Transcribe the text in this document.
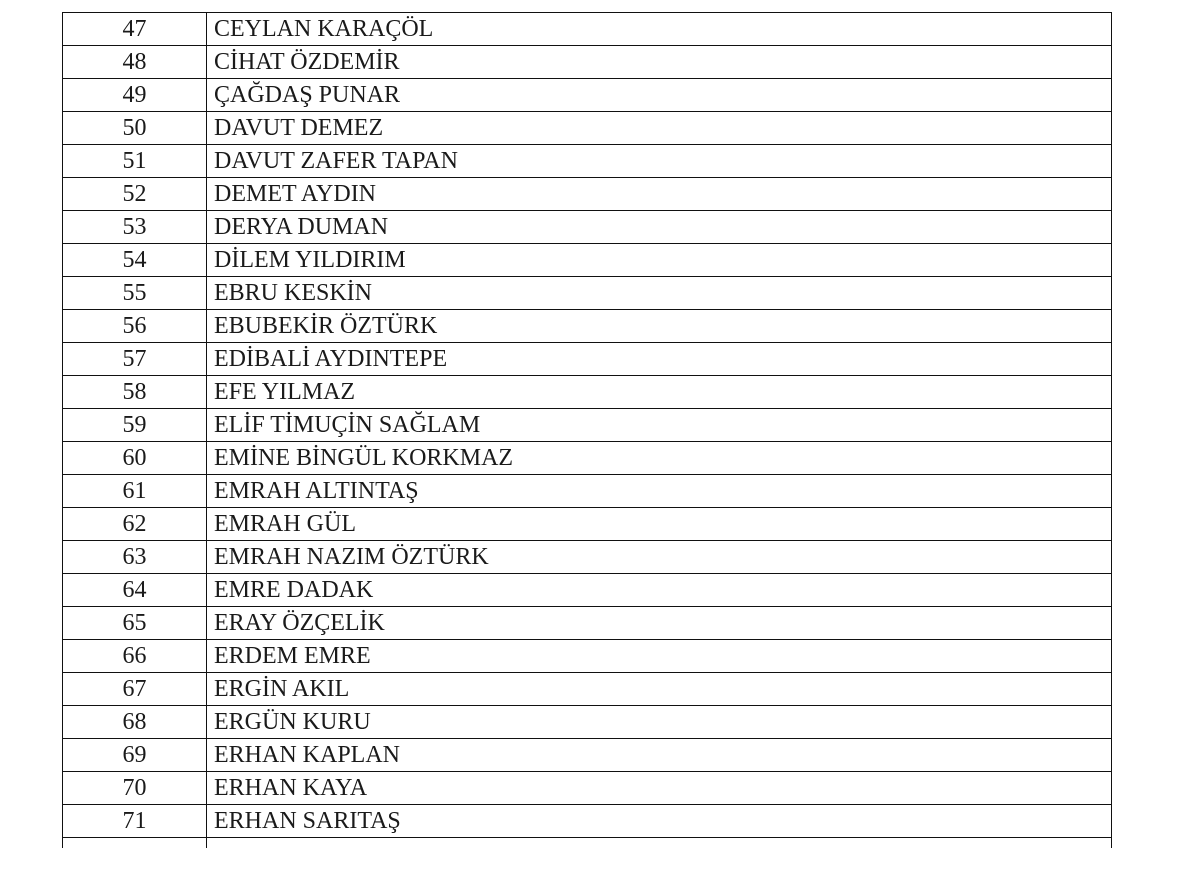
47	CEYLAN KARAÇÖL
48	CİHAT ÖZDEMİR
49	ÇAĞDAŞ PUNAR
50	DAVUT DEMEZ
51	DAVUT ZAFER TAPAN
52	DEMET AYDIN
53	DERYA DUMAN
54	DİLEM YILDIRIM
55	EBRU KESKİN
56	EBUBEKİR ÖZTÜRK
57	EDİBALİ AYDINTEPE
58	EFE YILMAZ
59	ELİF TİMUÇİN SAĞLAM
60	EMİNE BİNGÜL KORKMAZ
61	EMRAH ALTINTAŞ
62	EMRAH GÜL
63	EMRAH NAZIM ÖZTÜRK
64	EMRE DADAK
65	ERAY ÖZÇELİK
66	ERDEM EMRE
67	ERGİN AKIL
68	ERGÜN KURU
69	ERHAN KAPLAN
70	ERHAN KAYA
71	ERHAN SARITAŞ
